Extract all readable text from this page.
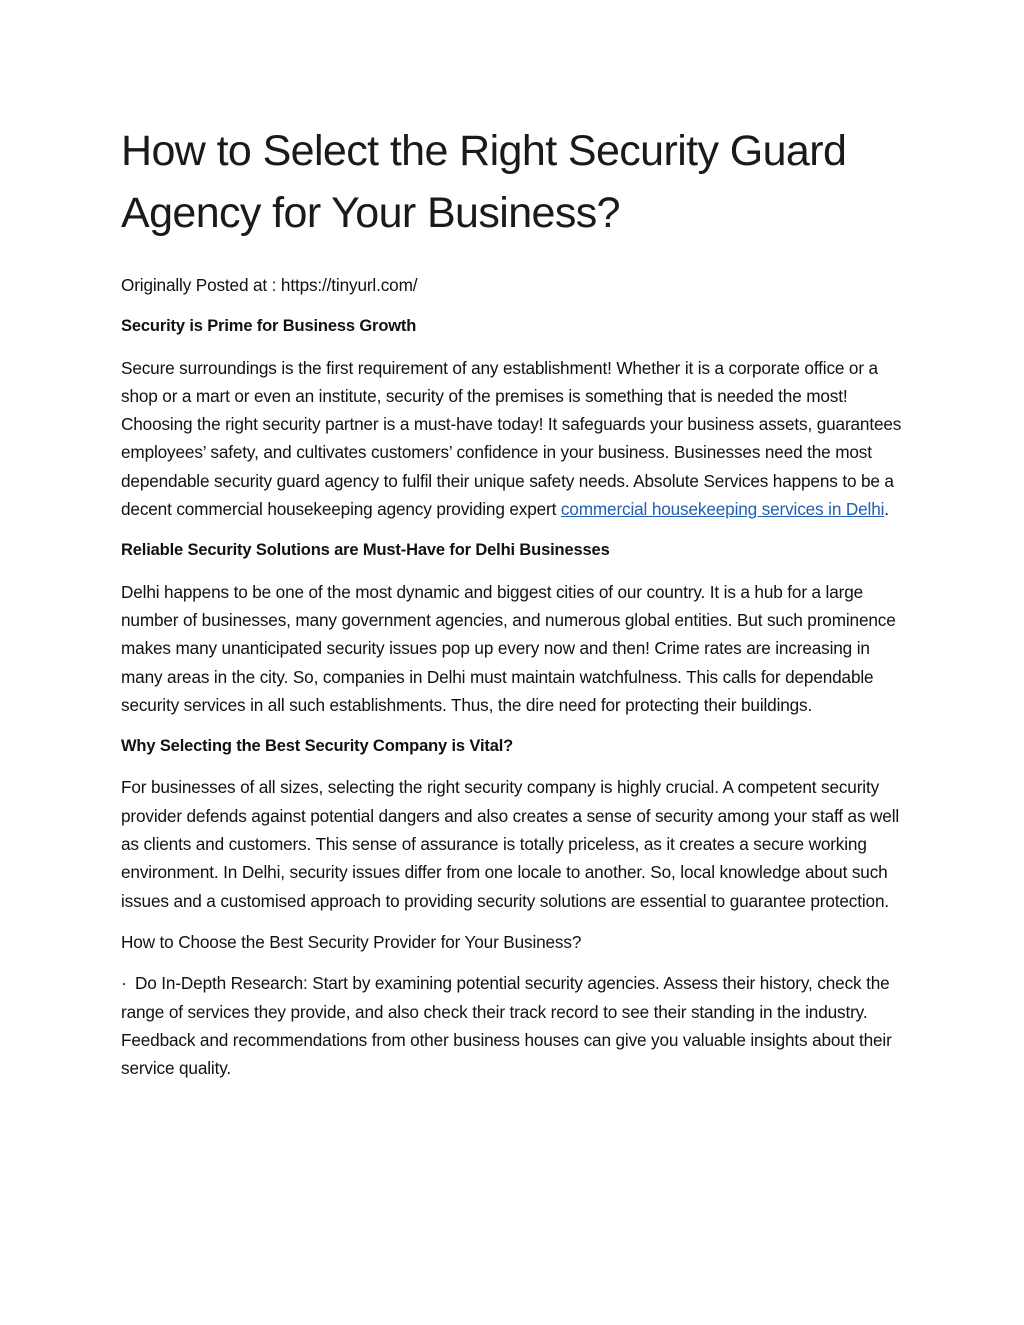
How to Select the Right Security Guard
Agency for Your Business?

Originally Posted at : https://tinyurl.com/

Security is Prime for Business Growth

Secure surroundings is the first requirement of any establishment! Whether it is a corporate office or a shop or a mart or even an institute, security of the premises is something that is needed the most! Choosing the right security partner is a must-have today! It safeguards your business assets, guarantees employees’ safety, and cultivates customers’ confidence in your business. Businesses need the most dependable security guard agency to fulfil their unique safety needs. Absolute Services happens to be a decent commercial housekeeping agency providing expert commercial housekeeping services in Delhi.

Reliable Security Solutions are Must-Have for Delhi Businesses

Delhi happens to be one of the most dynamic and biggest cities of our country. It is a hub for a large number of businesses, many government agencies, and numerous global entities. But such prominence makes many unanticipated security issues pop up every now and then! Crime rates are increasing in many areas in the city. So, companies in Delhi must maintain watchfulness. This calls for dependable security services in all such establishments. Thus, the dire need for protecting their buildings.

Why Selecting the Best Security Company is Vital?

For businesses of all sizes, selecting the right security company is highly crucial. A competent security provider defends against potential dangers and also creates a sense of security among your staff as well as clients and customers. This sense of assurance is totally priceless, as it creates a secure working environment. In Delhi, security issues differ from one locale to another. So, local knowledge about such issues and a customised approach to providing security solutions are essential to guarantee protection.

How to Choose the Best Security Provider for Your Business?

· Do In-Depth Research: Start by examining potential security agencies. Assess their history, check the range of services they provide, and also check their track record to see their standing in the industry. Feedback and recommendations from other business houses can give you valuable insights about their service quality.
